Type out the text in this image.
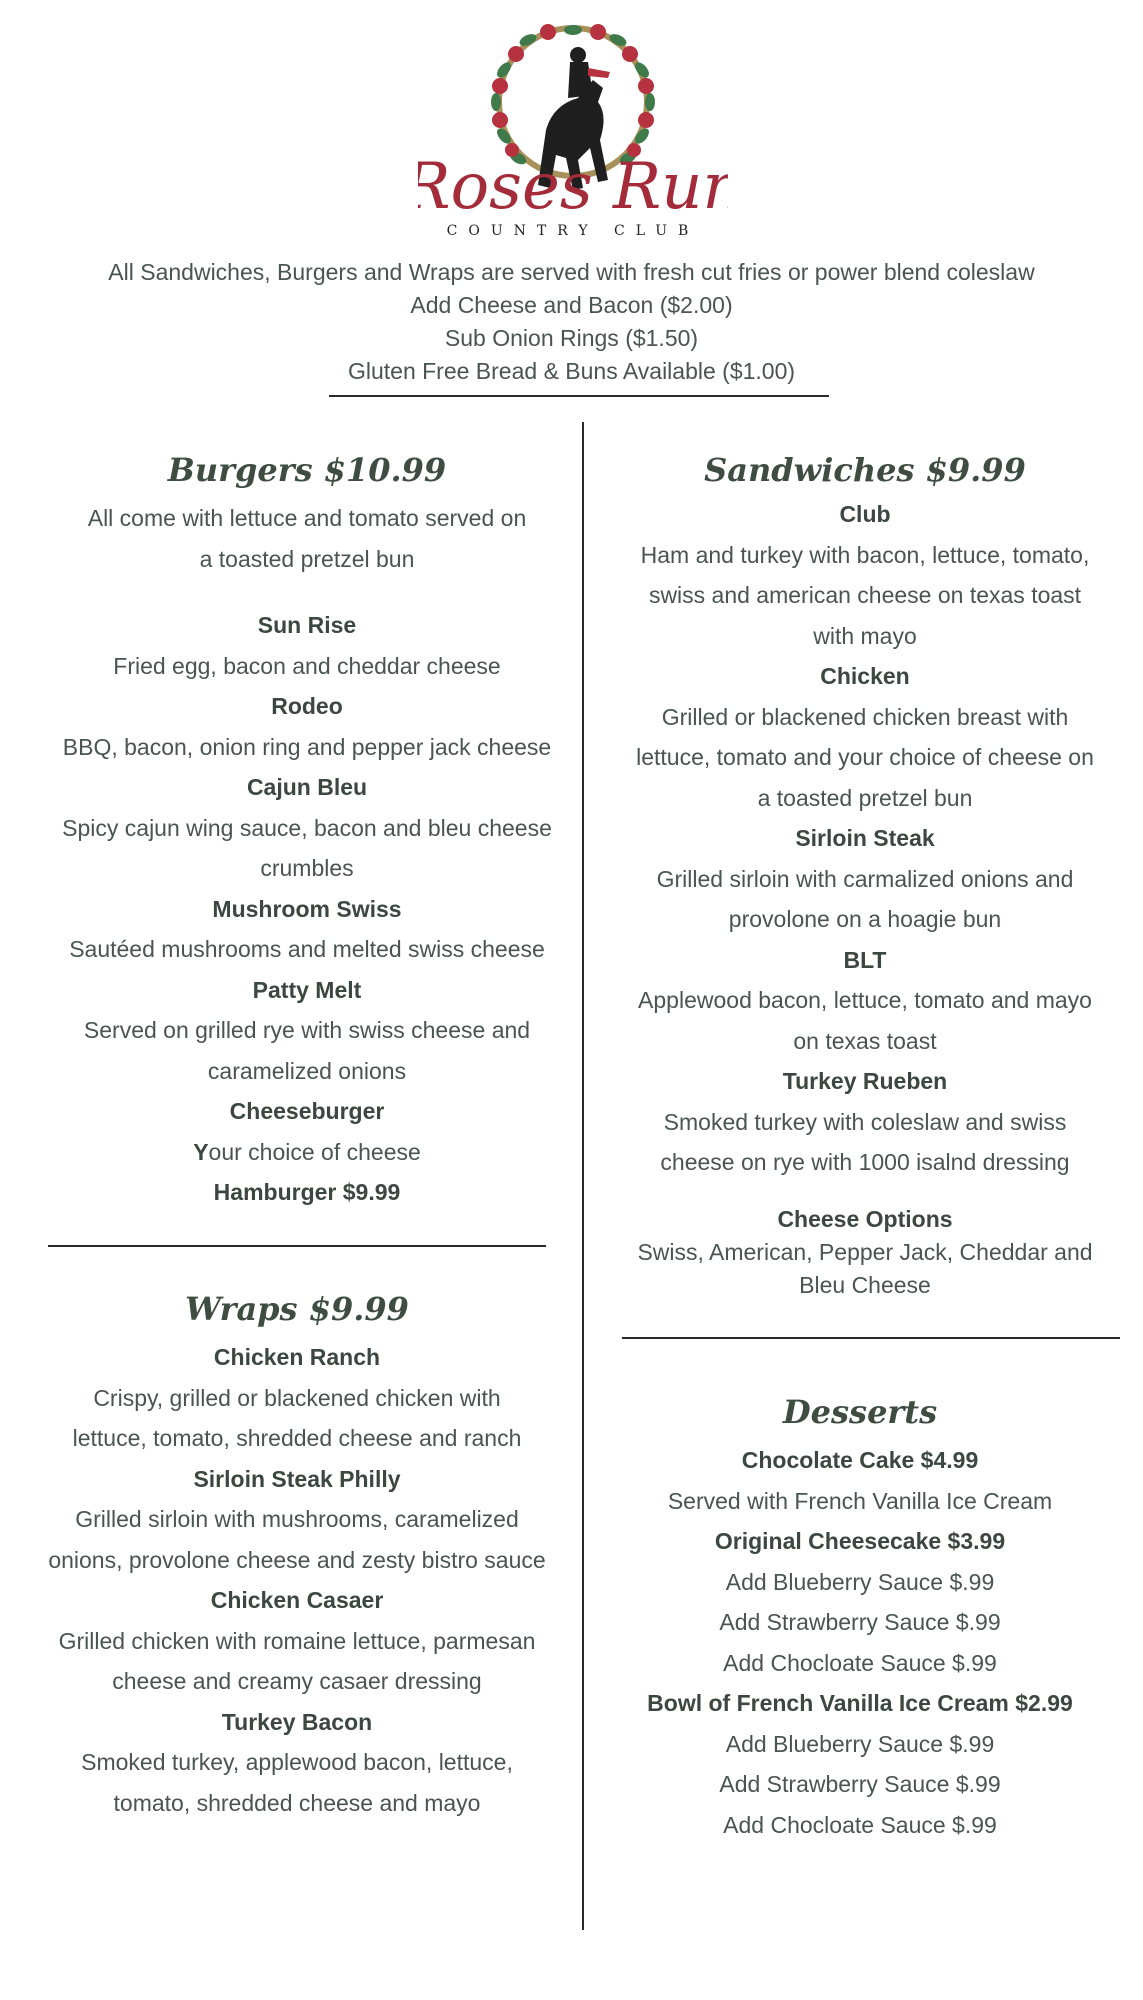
Roses Run
COUNTRY CLUB
All Sandwiches, Burgers and Wraps are served with fresh cut fries or power blend coleslaw
Add Cheese and Bacon ($2.00)
Sub Onion Rings ($1.50)
Gluten Free Bread & Buns Available ($1.00)
Burgers $10.99
All come with lettuce and tomato served on
a toasted pretzel bun
Sun Rise
Fried egg, bacon and cheddar cheese
Rodeo
BBQ, bacon, onion ring and pepper jack cheese
Cajun Bleu
Spicy cajun wing sauce, bacon and bleu cheese
crumbles
Mushroom Swiss
Sautéed mushrooms and melted swiss cheese
Patty Melt
Served on grilled rye with swiss cheese and
caramelized onions
Cheeseburger
Your choice of cheese
Hamburger $9.99
Wraps $9.99
Chicken Ranch
Crispy, grilled or blackened chicken with
lettuce, tomato, shredded cheese and ranch
Sirloin Steak Philly
Grilled sirloin with mushrooms, caramelized
onions, provolone cheese and zesty bistro sauce
Chicken Casaer
Grilled chicken with romaine lettuce, parmesan
cheese and creamy casaer dressing
Turkey Bacon
Smoked turkey, applewood bacon, lettuce,
tomato, shredded cheese and mayo
Sandwiches $9.99
Club
Ham and turkey with bacon, lettuce, tomato,
swiss and american cheese on texas toast
with mayo
Chicken
Grilled or blackened chicken breast with
lettuce, tomato and your choice of cheese on
a toasted pretzel bun
Sirloin Steak
Grilled sirloin with carmalized onions and
provolone on a hoagie bun
BLT
Applewood bacon, lettuce, tomato and mayo
on texas toast
Turkey Rueben
Smoked turkey with coleslaw and swiss
cheese on rye with 1000 isalnd dressing
Cheese Options
Swiss, American, Pepper Jack, Cheddar and
Bleu Cheese
Desserts
Chocolate Cake $4.99
Served with French Vanilla Ice Cream
Original Cheesecake $3.99
Add Blueberry Sauce $.99
Add Strawberry Sauce $.99
Add Chocloate Sauce $.99
Bowl of French Vanilla Ice Cream $2.99
Add Blueberry Sauce $.99
Add Strawberry Sauce $.99
Add Chocloate Sauce $.99
